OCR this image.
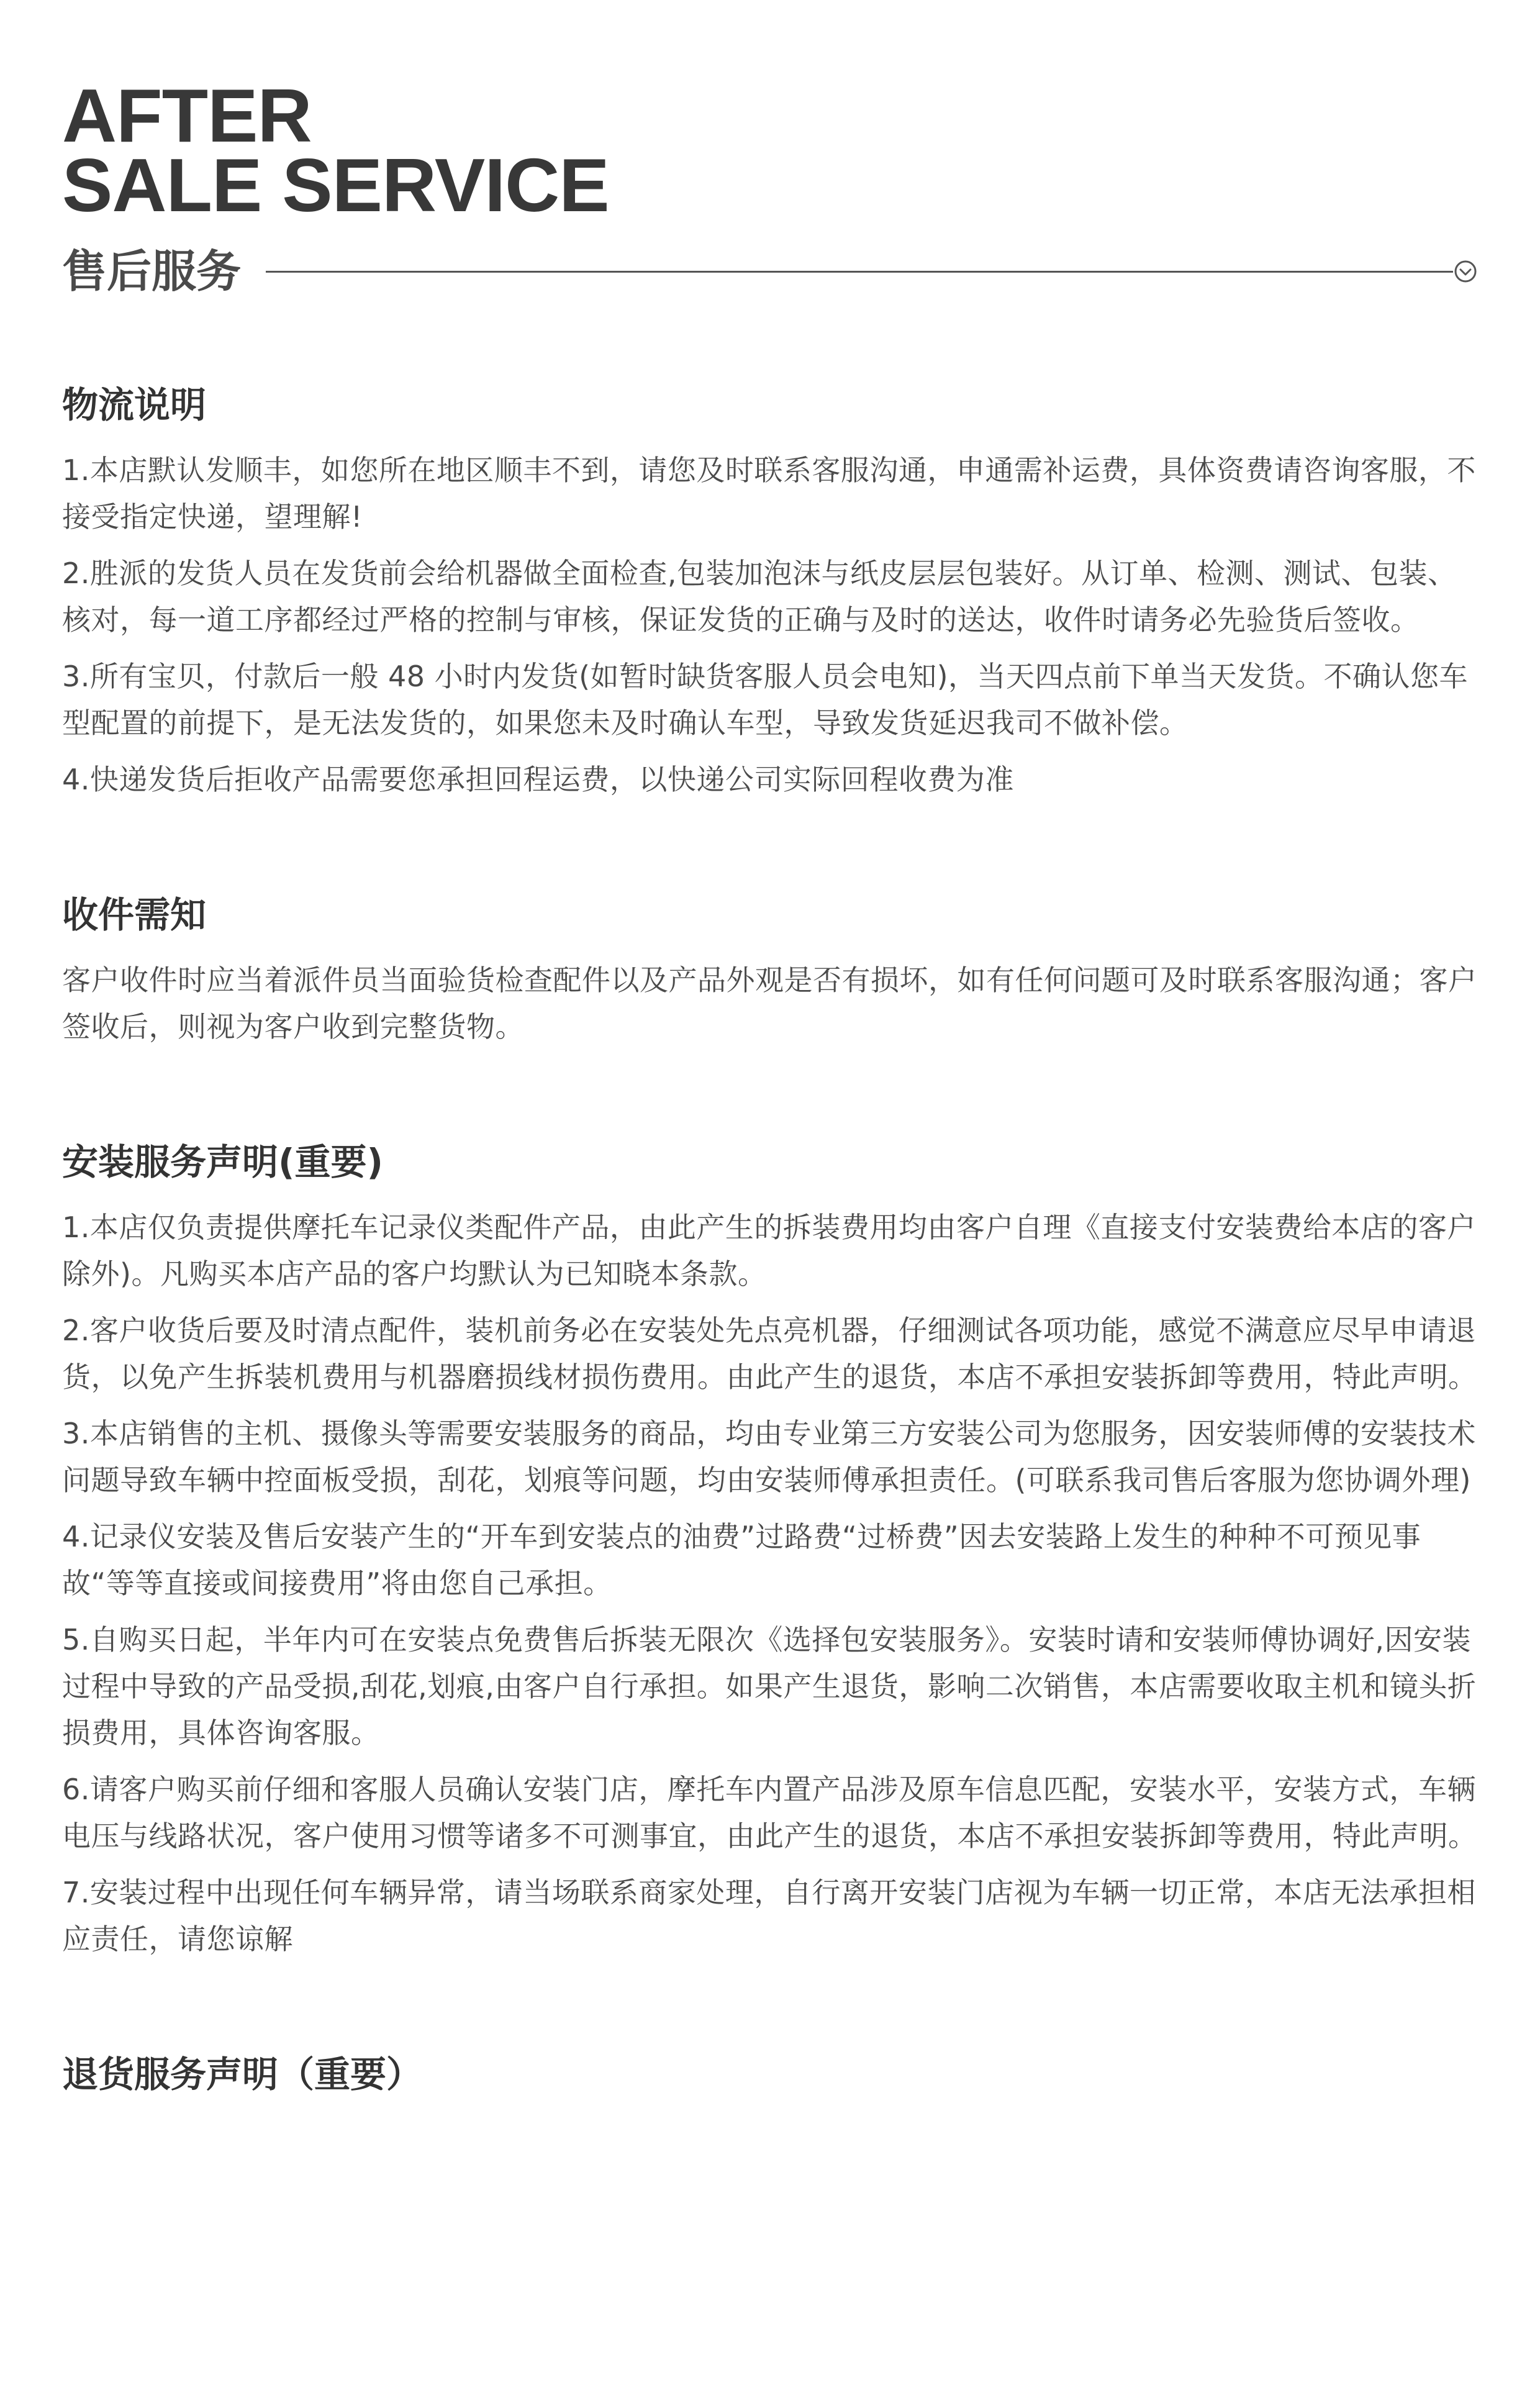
AFTER
SALE SERVICE
售后服务
物流说明

1.本店默认发顺丰，如您所在地区顺丰不到，请您及时联系客服沟通，申通需补运费，具体资费请咨询客服，不接受指定快递，望理解!

2.胜派的发货人员在发货前会给机器做全面检查,包装加泡沫与纸皮层层包装好。从订单、检测、测试、包装、核对，每一道工序都经过严格的控制与审核，保证发货的正确与及时的送达，收件时请务必先验货后签收。

3.所有宝贝，付款后一般 48 小时内发货(如暂时缺货客服人员会电知)，当天四点前下单当天发货。不确认您车型配置的前提下，是无法发货的，如果您未及时确认车型，导致发货延迟我司不做补偿。

4.快递发货后拒收产品需要您承担回程运费，以快递公司实际回程收费为准

收件需知

客户收件时应当着派件员当面验货检查配件以及产品外观是否有损坏，如有任何问题可及时联系客服沟通；客户签收后，则视为客户收到完整货物。

安装服务声明(重要)

1.本店仅负责提供摩托车记录仪类配件产品，由此产生的拆装费用均由客户自理《直接支付安装费给本店的客户除外)。凡购买本店产品的客户均默认为已知晓本条款。

2.客户收货后要及时清点配件，装机前务必在安装处先点亮机器，仔细测试各项功能，感觉不满意应尽早申请退货，以免产生拆装机费用与机器磨损线材损伤费用。由此产生的退货，本店不承担安装拆卸等费用，特此声明。

3.本店销售的主机、摄像头等需要安装服务的商品，均由专业第三方安装公司为您服务，因安装师傅的安装技术问题导致车辆中控面板受损，刮花，划痕等问题，均由安装师傅承担责任。(可联系我司售后客服为您协调外理)

4.记录仪安装及售后安装产生的“开车到安装点的油费”过路费“过桥费”因去安装路上发生的种种不可预见事故“等等直接或间接费用”将由您自己承担。

5.自购买日起，半年内可在安装点免费售后拆装无限次《选择包安装服务》。安装时请和安装师傅协调好,因安装过程中导致的产品受损,刮花,划痕,由客户自行承担。如果产生退货，影响二次销售，本店需要收取主机和镜头折损费用，具体咨询客服。

6.请客户购买前仔细和客服人员确认安装门店，摩托车内置产品涉及原车信息匹配，安装水平，安装方式，车辆电压与线路状况，客户使用习惯等诸多不可测事宜，由此产生的退货，本店不承担安装拆卸等费用，特此声明。

7.安装过程中出现任何车辆异常，请当场联系商家处理，自行离开安装门店视为车辆一切正常，本店无法承担相应责任，请您谅解

退货服务声明（重要）
